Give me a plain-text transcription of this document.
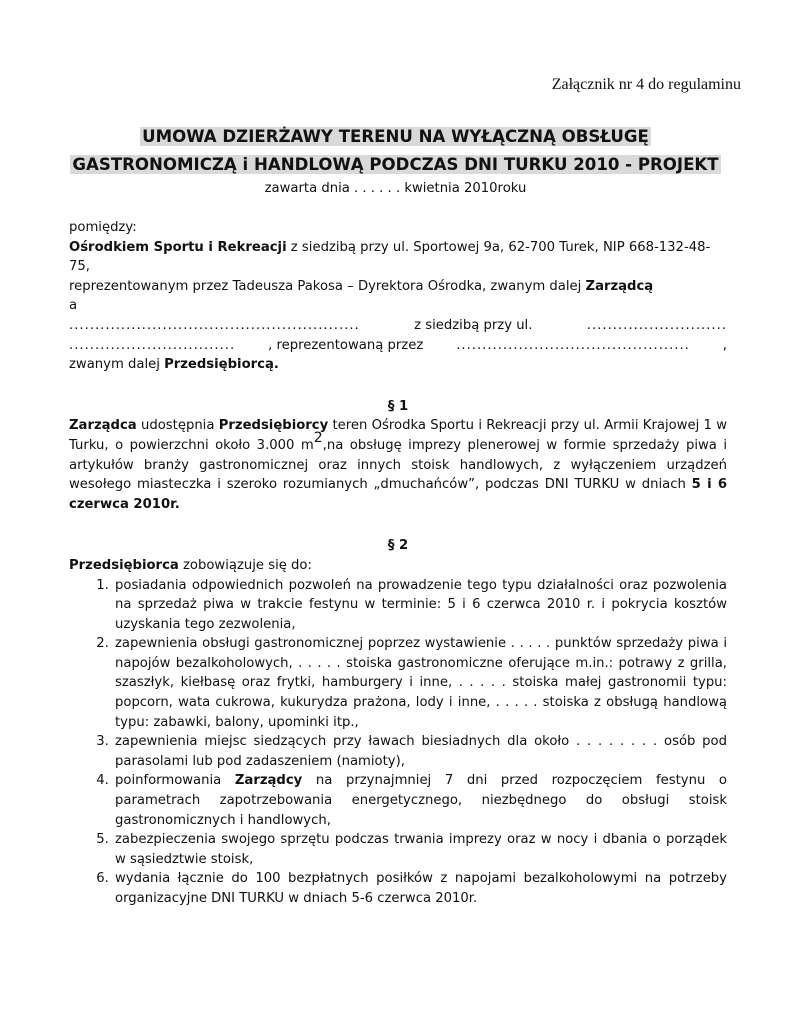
Załącznik nr 4 do regulaminu
UMOWA DZIERŻAWY TERENU NA WYŁĄCZNĄ OBSŁUGĘ
GASTRONOMICZĄ i HANDLOWĄ PODCZAS DNI TURKU 2010 - PROJEKT
zawarta dnia . . . . . . kwietnia 2010roku

pomiędzy:

Ośrodkiem Sportu i Rekreacji z siedzibą przy ul. Sportowej 9a, 62-700 Turek, NIP 668-132-48-75,

reprezentowanym przez Tadeusza Pakosa – Dyrektora Ośrodka, zwanym dalej Zarządcą

a

........................................................	z siedzibą przy ul.	...........................
................................ , reprezentowaną przez ............................................. ,

zwanym dalej Przedsiębiorcą.

§ 1

Zarządca udostępnia Przedsiębiorcy teren Ośrodka Sportu i Rekreacji przy ul. Armii Krajowej 1 w Turku, o powierzchni około 3.000 $m^2,na$ obsługę imprezy plenerowej w formie sprzedaży piwa i artykułów branży gastronomicznej oraz innych stoisk handlowych, z wyłączeniem urządzeń wesołego miasteczka i szeroko rozumianych „dmuchańców”, podczas DNI TURKU w dniach 5 i 6 czerwca 2010r.

§ 2

Przedsiębiorca zobowiązuje się do:

1. posiadania odpowiednich pozwoleń na prowadzenie tego typu działalności oraz pozwolenia na sprzedaż piwa w trakcie festynu w terminie: 5 i 6 czerwca 2010 r. i pokrycia kosztów uzyskania tego zezwolenia,
2. zapewnienia obsługi gastronomicznej poprzez wystawienie . . . . . punktów sprzedaży piwa i napojów bezalkoholowych, . . . . . stoiska gastronomiczne oferujące m.in.: potrawy z grilla, szaszłyk, kiełbasę oraz frytki, hamburgery i inne, . . . . . stoiska małej gastronomii typu: popcorn, wata cukrowa, kukurydza prażona, lody i inne, . . . . . stoiska z obsługą handlową typu: zabawki, balony, upominki itp.,
3. zapewnienia miejsc siedzących przy ławach biesiadnych dla około . . . . . . . . osób pod parasolami lub pod zadaszeniem (namioty),
4. poinformowania Zarządcy na przynajmniej 7 dni przed rozpoczęciem festynu o parametrach zapotrzebowania energetycznego, niezbędnego do obsługi stoisk gastronomicznych i handlowych,
5. zabezpieczenia swojego sprzętu podczas trwania imprezy oraz w nocy i dbania o porządek w sąsiedztwie stoisk,
6. wydania łącznie do 100 bezpłatnych posiłków z napojami bezalkoholowymi na potrzeby organizacyjne DNI TURKU w dniach 5-6 czerwca 2010r.
